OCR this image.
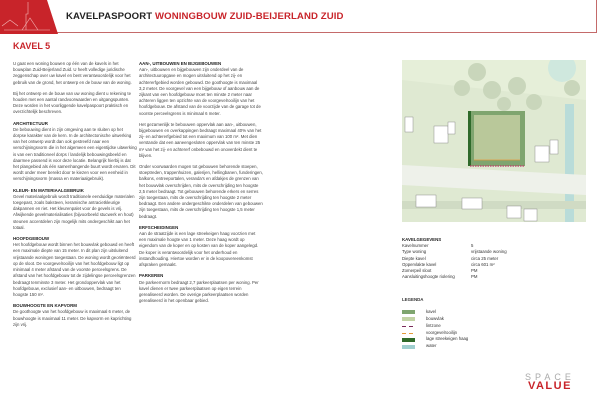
KAVELPASPOORT WONINGBOUW ZUID-BEIJERLAND ZUID
KAVEL 5

U gaat een woning bouwen op één van de kavels in het bouwplan Zuid-Beijerland Zuid. U heeft volledige juridische zeggenschap over uw kavel en bent verantwoordelijk voor het gebruik van de grond, het ontwerp en de bouw van de woning.

Bij het ontwerp en de bouw van uw woning dient u rekening te houden met een aantal randvoorwaarden en uitgangspunten. Deze worden in het voorliggende kavelpaspoort praktisch en overzichtelijk beschreven.

ARCHITECTUUR

De bebouwing dient in zijn omgeving aan te sluiten op het dorpse karakter van de kern. In de architectonische uitwerking van het ontwerp wordt dan ook gestreefd naar een verschijningsvorm die in het algemeen een eigentijdse uitwerking is van een traditioneel dorps / landelijk bebouwingsbeeld en daarmee passend is voor deze locatie. Belangrijk hierbij is dat het plangebied als één samenhangende buurt wordt ervaren. Dit wordt onder meer bereikt door te kiezen voor een eenheid in verschijningsvorm (massa en materiaalgebruik).

KLEUR- EN MATERIAALGEBRUIK

Gevel materiaalgebruik wordt traditionele eenduidige materialen toegepast, zoals baksteen, keramische antracietkleurige dakpannen en riet. Het kleurenpalet voor de gevels is vrij. Afwijkende gevelmaterialisaties (bijvoorbeeld stucwerk en hout) steunen accentdelen zijn mogelijk mits ondergeschikt aan het totaal.

HOOFDGEBOUW

Het hoofdgebouw wordt binnen het bouwvlak gebouwd en heeft een maximale diepte van 15 meter. In dit plan zijn uitsluitend vrijstaande woningen toegestaan. De woning wordt georiënteerd op de sloot. De voorgevelrooilijn van het hoofdgebouw ligt op minimaal 4 meter afstand van de voorste perceelsgrens. De afstand van het hoofdgebouw tot de zijdelingse perceelsgrenzen bedraagt tenminste 3 meter. Het grondoppervlak van het hoofdgebouw, exclusief aan- en uitbouwen, bedraagt ten hoogste 150 m².

BOUWHOOGTE EN KAPVORM

De goothoogte van het hoofdgebouw is maximaal 6 meter, de bouwhoogte is maximaal 11 meter. De kapvorm en kaprichting zijn vrij.

AAN-, UITBOUWEN EN BIJGEBOUWEN

Aan-, uitbouwen en bijgebouwen zijn onderdeel van de architectuuropgave en mogen uitsluitend op het zij- en achtererfgebied worden gebouwd. De goothoogte is maximaal 3,2 meter. De voorgevel van een bijgebouw of aanbouw aan de zijkant van een hoofdgebouw moet ten minste 2 meter naar achteren liggen ten opzichte van de voorgevelrooilijn van het hoofdgebouw. De afstand van de voorzijde van de garage tot de voorste perceelsgrens is minimaal 6 meter.

Het gezamenlijk te bebouwen oppervlak aan aan-, uitbouwen, bijgebouwen en overkappingen bedraagt maximaal 40% van het zij- en achtererfgebied tot een maximum van 100 m². Met dien verstande dat een aaneengesloten oppervlak van ten minste 25 m² van het zij- en achtererf onbebouwd en onoverdekt dient te blijven.

Onder voorwaarden mogen tot gebouwen behorende stoepen, stoeptreden, trappenhuizen, galerijen, hellingbanen, funderingen, balkons, entreeportalen, veranda's en afdakjes de grenzen van het bouwvlak overschrijden, mits de overschrijding ten hoogste 2,5 meter bedraagt. Tot gebouwen behorende erkers en serres zijn toegestaan, mits de overschrijding ten hoogste 2 meter bedraagt. Een andere ondergeschikte onderdelen van gebouwen zijn toegestaan, mits de overschrijding ten hoogste 1,5 meter bedraagt.

ERFSCHEIDINGEN

Aan de straatzijde is een lage streekeigen haag voorzien met een maximale hoogte van 1 meter. Deze haag wordt op eigendom van de koper en op kosten van de koper aangelegd. De koper is verantwoordelijk voor het onderhoud en instandhouding. Hiertoe worden er in de koopovereenkomst afspraken gemaakt.

PARKEREN

De parkeernorm bedraagt 2,7 parkeerplaatsen per woning. Per kavel dienen er twee parkeerplaatsen op eigen terrein gerealiseerd worden. De overige parkeerplaatsen worden gerealiseerd in het openbaar gebied.

KAVELGEGEVENS
Kavelnummer	5
Type woning	vrijstaande woning
Diepte kavel	circa 25 meter
Oppervlakte kavel	circa 601 m²
Zomerpeil sloot	PM
Aansluitingshoogte riolering	PM
LEGENDA
kavel
bouwvlak
lintzone
voorgevelrooilijn
lage streekeigen haag
water
SPACE
VALUE
